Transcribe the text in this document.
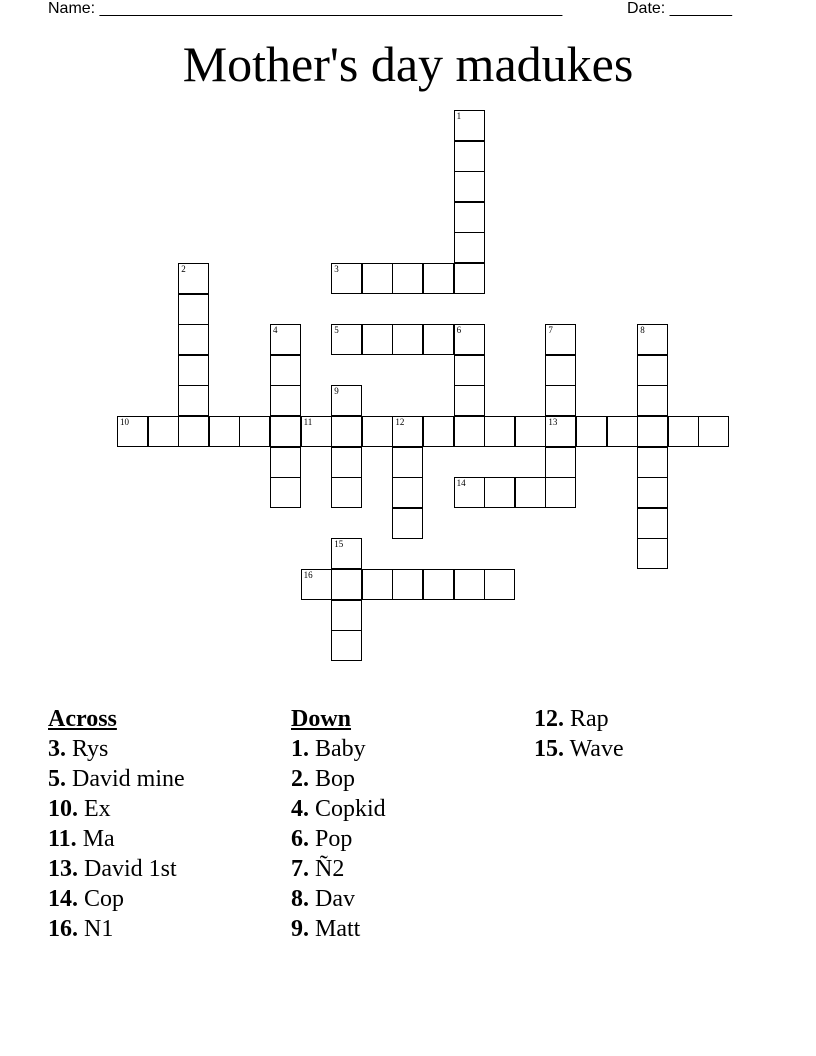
Name: ____________________________________________________	Date: _______
Mother's day madukes
1
2	3
4	5	6	7
13
8
9
10	11	12
14
15
16
Across
3. Rys
5. David mine
10. Ex
11. Ma
13. David 1st
14. Cop
16. N1
Down
1. Baby
2. Bop
4. Copkid
6. Pop
7. Ñ2
8. Dav
9. Matt
12. Rap
15. Wave
